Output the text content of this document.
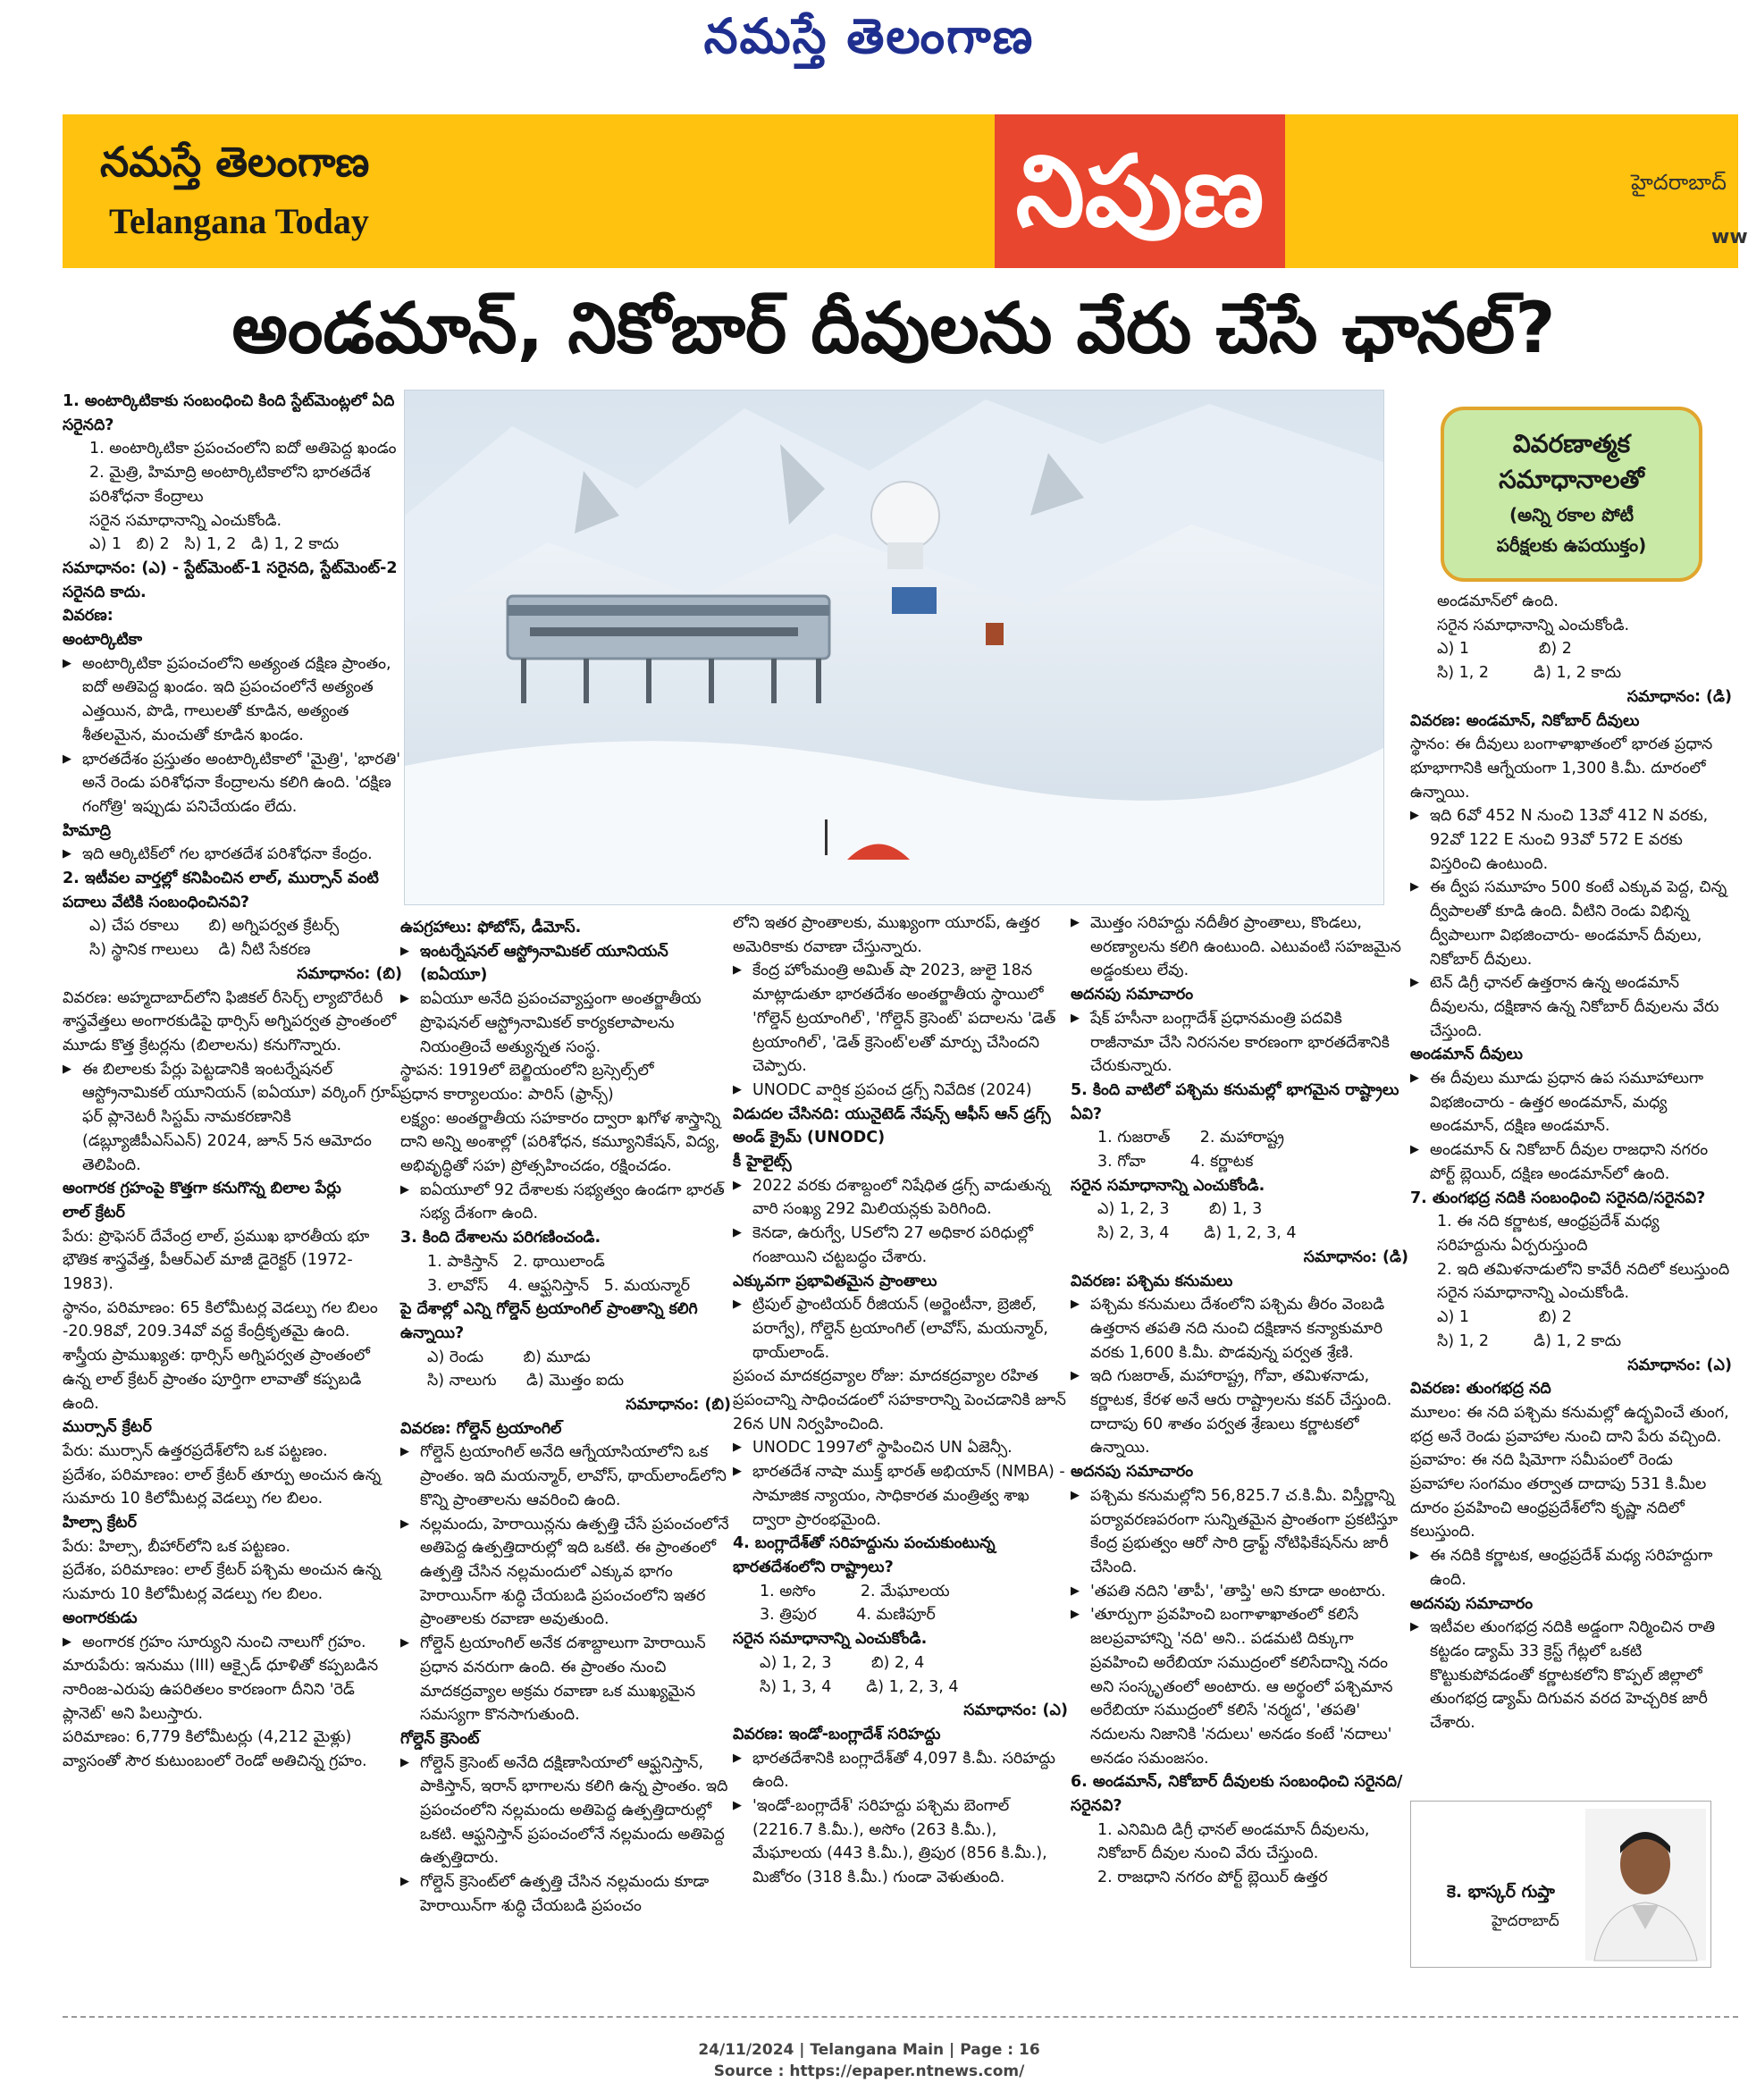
నమస్తే తెలంగాణ
నమస్తే తెలంగాణ
Telangana Today	నిపుణ	హైదరాబాద్
ww
అండమాన్, నికోబార్ దీవులను వేరు చేసే ఛానల్?

1. అంటార్కిటికాకు సంబంధించి కింది స్టేట్‌మెంట్లలో ఏది సరైనది?

1. అంటార్కిటికా ప్రపంచంలోని ఐదో అతిపెద్ద ఖండం

2. మైత్రి, హిమాద్రి అంటార్కిటికాలోని భారతదేశ పరిశోధనా కేంద్రాలు

సరైన సమాధానాన్ని ఎంచుకోండి.

ఎ) 1   బి) 2   సి) 1, 2   డి) 1, 2 కాదు

సమాధానం: (ఎ) - స్టేట్‌మెంట్-1 సరైనది, స్టేట్‌మెంట్-2 సరైనది కాదు.

వివరణ:

అంటార్కిటికా

▶ అంటార్కిటికా ప్రపంచంలోని అత్యంత దక్షిణ ప్రాంతం, ఐదో అతిపెద్ద ఖండం. ఇది ప్రపంచంలోనే అత్యంత ఎత్తయిన, పొడి, గాలులతో కూడిన, అత్యంత శీతలమైన, మంచుతో కూడిన ఖండం.

▶ భారతదేశం ప్రస్తుతం అంటార్కిటికాలో 'మైత్రి', 'భారతి' అనే రెండు పరిశోధనా కేంద్రాలను కలిగి ఉంది. 'దక్షిణ గంగోత్రి' ఇప్పుడు పనిచేయడం లేదు.

హిమాద్రి

▶ ఇది ఆర్కిటిక్‌లో గల భారతదేశ పరిశోధనా కేంద్రం.

2. ఇటీవల వార్తల్లో కనిపించిన లాల్, ముర్సాన్ వంటి పదాలు వేటికి సంబంధించినవి?

ఎ) చేప రకాలు      బి) అగ్నిపర్వత క్రేటర్స్

సి) స్థానిక గాలులు    డి) నీటి సేకరణ

సమాధానం: (బి)

వివరణ: అహ్మదాబాద్‌లోని ఫిజికల్ రీసెర్చ్ ల్యాబొరేటరీ శాస్త్రవేత్తలు అంగారకుడిపై థార్సిస్ అగ్నిపర్వత ప్రాంతంలో మూడు కొత్త క్రేటర్లను (బిలాలను) కనుగొన్నారు.

▶ ఈ బిలాలకు పేర్లు పెట్టడానికి ఇంటర్నేషనల్ ఆస్ట్రోనామికల్ యూనియన్ (ఐఏయూ) వర్కింగ్ గ్రూప్ ఫర్ ప్లానెటరీ సిస్టమ్ నామకరణానికి (డబ్ల్యూజీపీఎస్ఎన్) 2024, జూన్ 5న ఆమోదం తెలిపింది.

అంగారక గ్రహంపై కొత్తగా కనుగొన్న బిలాల పేర్లు

లాల్ క్రేటర్

పేరు: ప్రొఫెసర్ దేవేంద్ర లాల్, ప్రముఖ భారతీయ భూ భౌతిక శాస్త్రవేత్త, పీఆర్ఎల్ మాజీ డైరెక్టర్ (1972-1983).

స్థానం, పరిమాణం: 65 కిలోమీటర్ల వెడల్పు గల బిలం -20.98వో, 209.34వో వద్ద కేంద్రీకృతమై ఉంది.

శాస్త్రీయ ప్రాముఖ్యత: థార్సిస్ అగ్నిపర్వత ప్రాంతంలో ఉన్న లాల్ క్రేటర్ ప్రాంతం పూర్తిగా లావాతో కప్పబడి ఉంది.

ముర్సాన్ క్రేటర్

పేరు: ముర్సాన్ ఉత్తరప్రదేశ్‌లోని ఒక పట్టణం.

ప్రదేశం, పరిమాణం: లాల్ క్రేటర్ తూర్పు అంచున ఉన్న సుమారు 10 కిలోమీటర్ల వెడల్పు గల బిలం.

హిల్సా క్రేటర్

పేరు: హిల్సా, బీహార్‌లోని ఒక పట్టణం.

ప్రదేశం, పరిమాణం: లాల్ క్రేటర్ పశ్చిమ అంచున ఉన్న సుమారు 10 కిలోమీటర్ల వెడల్పు గల బిలం.

అంగారకుడు

▶ అంగారక గ్రహం సూర్యుని నుంచి నాలుగో గ్రహం.

మారుపేరు: ఇనుము (III) ఆక్సైడ్ ధూళితో కప్పబడిన నారింజ-ఎరుపు ఉపరితలం కారణంగా దీనిని 'రెడ్ ప్లానెట్' అని పిలుస్తారు.

పరిమాణం: 6,779 కిలోమీటర్లు (4,212 మైళ్లు) వ్యాసంతో సౌర కుటుంబంలో రెండో అతిచిన్న గ్రహం.

వివరణాత్మక
సమాధానాలతో
(అన్ని రకాల పోటీ
పరీక్షలకు ఉపయుక్తం)

ఉపగ్రహాలు: ఫోబోస్, డీమోస్.

▶ ఇంటర్నేషనల్ ఆస్ట్రోనామికల్ యూనియన్ (ఐఏయూ)

▶ ఐఏయూ అనేది ప్రపంచవ్యాప్తంగా అంతర్జాతీయ ప్రొఫెషనల్ ఆస్ట్రోనామికల్ కార్యకలాపాలను నియంత్రించే అత్యున్నత సంస్థ.

స్థాపన: 1919లో బెల్జియంలోని బ్రస్సెల్స్‌లో

ప్రధాన కార్యాలయం: పారిస్ (ఫ్రాన్స్)

లక్ష్యం: అంతర్జాతీయ సహకారం ద్వారా ఖగోళ శాస్త్రాన్ని దాని అన్ని అంశాల్లో (పరిశోధన, కమ్యూనికేషన్, విద్య, అభివృద్ధితో సహ) ప్రోత్సహించడం, రక్షించడం.

▶ ఐఏయూలో 92 దేశాలకు సభ్యత్వం ఉండగా భారత్ సభ్య దేశంగా ఉంది.

3. కింది దేశాలను పరిగణించండి.

1. పాకిస్తాన్   2. థాయిలాండ్

3. లావోస్    4. ఆఫ్ఘనిస్తాన్   5. మయన్మార్

పై దేశాల్లో ఎన్ని గోల్డెన్ ట్రయాంగిల్ ప్రాంతాన్ని కలిగి ఉన్నాయి?

ఎ) రెండు        బి) మూడు

సి) నాలుగు      డి) మొత్తం ఐదు

సమాధానం: (బి)

వివరణ: గోల్డెన్ ట్రయాంగిల్

▶ గోల్డెన్ ట్రయాంగిల్ అనేది ఆగ్నేయాసియాలోని ఒక ప్రాంతం. ఇది మయన్మార్, లావోస్, థాయ్‌లాండ్‌లోని కొన్ని ప్రాంతాలను ఆవరించి ఉంది.

▶ నల్లమందు, హెరాయిన్లను ఉత్పత్తి చేసే ప్రపంచంలోనే అతిపెద్ద ఉత్పత్తిదారుల్లో ఇది ఒకటి. ఈ ప్రాంతంలో ఉత్పత్తి చేసిన నల్లమందులో ఎక్కువ భాగం హెరాయిన్‌గా శుద్ధి చేయబడి ప్రపంచంలోని ఇతర ప్రాంతాలకు రవాణా అవుతుంది.

▶ గోల్డెన్ ట్రయాంగిల్ అనేక దశాబ్దాలుగా హెరాయిన్ ప్రధాన వనరుగా ఉంది. ఈ ప్రాంతం నుంచి మాదకద్రవ్యాల అక్రమ రవాణా ఒక ముఖ్యమైన సమస్యగా కొనసాగుతుంది.

గోల్డెన్ క్రెసెంట్

▶ గోల్డెన్ క్రెసెంట్ అనేది దక్షిణాసియాలో ఆఫ్ఘనిస్తాన్, పాకిస్తాన్, ఇరాన్ భాగాలను కలిగి ఉన్న ప్రాంతం. ఇది ప్రపంచంలోని నల్లమందు అతిపెద్ద ఉత్పత్తిదారుల్లో ఒకటి. ఆఫ్ఘనిస్తాన్ ప్రపంచంలోనే నల్లమందు అతిపెద్ద ఉత్పత్తిదారు.

▶ గోల్డెన్ క్రెసెంట్‌లో ఉత్పత్తి చేసిన నల్లమందు కూడా హెరాయిన్‌గా శుద్ధి చేయబడి ప్రపంచం

లోని ఇతర ప్రాంతాలకు, ముఖ్యంగా యూరప్, ఉత్తర అమెరికాకు రవాణా చేస్తున్నారు.

▶ కేంద్ర హోంమంత్రి అమిత్ షా 2023, జులై 18న మాట్లాడుతూ భారతదేశం అంతర్జాతీయ స్థాయిలో 'గోల్డెన్ ట్రయాంగిల్', 'గోల్డెన్ క్రెసెంట్' పదాలను 'డెత్ ట్రయాంగిల్', 'డెత్ క్రెసెంట్'లతో మార్పు చేసిందని చెప్పారు.

▶ UNODC వార్షిక ప్రపంచ డ్రగ్స్ నివేదిక (2024)

విడుదల చేసినది: యునైటెడ్ నేషన్స్ ఆఫీస్ ఆన్ డ్రగ్స్ అండ్ క్రైమ్ (UNODC)

కీ హైలైట్స్

▶ 2022 వరకు దశాబ్దంలో నిషేధిత డ్రగ్స్ వాడుతున్న వారి సంఖ్య 292 మిలియన్లకు పెరిగింది.

▶ కెనడా, ఉరుగ్వే, USలోని 27 అధికార పరిధుల్లో గంజాయిని చట్టబద్ధం చేశారు.

ఎక్కువగా ప్రభావితమైన ప్రాంతాలు

▶ ట్రిపుల్ ఫ్రాంటియర్ రీజియన్ (అర్జెంటీనా, బ్రెజిల్, పరాగ్వే), గోల్డెన్ ట్రయాంగిల్ (లావోస్, మయన్మార్, థాయ్‌లాండ్.

ప్రపంచ మాదకద్రవ్యాల రోజు: మాదకద్రవ్యాల రహిత ప్రపంచాన్ని సాధించడంలో సహకారాన్ని పెంచడానికి జూన్ 26న UN నిర్వహించింది.

▶ UNODC 1997లో స్థాపించిన UN ఏజెన్సీ.

▶ భారతదేశ నాషా ముక్త్ భారత్ అభియాన్ (NMBA) - సామాజిక న్యాయం, సాధికారత మంత్రిత్వ శాఖ ద్వారా ప్రారంభమైంది.

4. బంగ్లాదేశ్‌తో సరిహద్దును పంచుకుంటున్న భారతదేశంలోని రాష్ట్రాలు?

1. అసోం         2. మేఘాలయ

3. త్రిపుర        4. మణిపూర్

సరైన సమాధానాన్ని ఎంచుకోండి.

ఎ) 1, 2, 3        బి) 2, 4

సి) 1, 3, 4       డి) 1, 2, 3, 4

సమాధానం: (ఎ)

వివరణ: ఇండో-బంగ్లాదేశ్ సరిహద్దు

▶ భారతదేశానికి బంగ్లాదేశ్‌తో 4,097 కి.మీ. సరిహద్దు ఉంది.

▶ 'ఇండో-బంగ్లాదేశ్' సరిహద్దు పశ్చిమ బెంగాల్ (2216.7 కి.మీ.), అసోం (263 కి.మీ.), మేఘాలయ (443 కి.మీ.), త్రిపుర (856 కి.మీ.), మిజోరం (318 కి.మీ.) గుండా వెళుతుంది.

▶ మొత్తం సరిహద్దు నదీతీర ప్రాంతాలు, కొండలు, అరణ్యాలను కలిగి ఉంటుంది. ఎటువంటి సహజమైన అడ్డంకులు లేవు.

అదనపు సమాచారం

▶ షేక్ హసీనా బంగ్లాదేశ్ ప్రధానమంత్రి పదవికి రాజీనామా చేసి నిరసనల కారణంగా భారతదేశానికి చేరుకున్నారు.

5. కింది వాటిలో పశ్చిమ కనుమల్లో భాగమైన రాష్ట్రాలు ఏవి?

1. గుజరాత్      2. మహారాష్ట్ర

3. గోవా         4. కర్ణాటక

సరైన సమాధానాన్ని ఎంచుకోండి.

ఎ) 1, 2, 3        బి) 1, 3

సి) 2, 3, 4       డి) 1, 2, 3, 4

సమాధానం: (డి)

వివరణ: పశ్చిమ కనుమలు

▶ పశ్చిమ కనుమలు దేశంలోని పశ్చిమ తీరం వెంబడి ఉత్తరాన తపతి నది నుంచి దక్షిణాన కన్యాకుమారి వరకు 1,600 కి.మీ. పొడవున్న పర్వత శ్రేణి.

▶ ఇది గుజరాత్, మహారాష్ట్ర, గోవా, తమిళనాడు, కర్ణాటక, కేరళ అనే ఆరు రాష్ట్రాలను కవర్ చేస్తుంది. దాదాపు 60 శాతం పర్వత శ్రేణులు కర్ణాటకలో ఉన్నాయి.

అదనపు సమాచారం

▶ పశ్చిమ కనుమల్లోని 56,825.7 చ.కి.మీ. విస్తీర్ణాన్ని పర్యావరణపరంగా సున్నితమైన ప్రాంతంగా ప్రకటిస్తూ కేంద్ర ప్రభుత్వం ఆరో సారి డ్రాఫ్ట్ నోటిఫికేషన్‌ను జారీ చేసింది.

▶ 'తపతి నదిని 'తాపీ', 'తాప్తి' అని కూడా అంటారు.

▶ 'తూర్పుగా ప్రవహించి బంగాళాఖాతంలో కలిసే జలప్రవాహాన్ని 'నది' అని.. పడమటి దిక్కుగా ప్రవహించి అరేబియా సముద్రంలో కలిసేదాన్ని నదం అని సంస్కృతంలో అంటారు. ఆ అర్థంలో పశ్చిమాన అరేబియా సముద్రంలో కలిసే 'నర్మద', 'తపతి' నదులను నిజానికి 'నదులు' అనడం కంటే 'నదాలు' అనడం సమంజసం.

6. అండమాన్, నికోబార్ దీవులకు సంబంధించి సరైనది/సరైనవి?

1. ఎనిమిది డిగ్రీ ఛానల్ అండమాన్ దీవులను, నికోబార్ దీవుల నుంచి వేరు చేస్తుంది.

2. రాజధాని నగరం పోర్ట్ బ్లెయిర్ ఉత్తర

అండమాన్‌లో ఉంది.

సరైన సమాధానాన్ని ఎంచుకోండి.

ఎ) 1              బి) 2

సి) 1, 2         డి) 1, 2 కాదు

సమాధానం: (డి)

వివరణ: అండమాన్, నికోబార్ దీవులు

స్థానం: ఈ దీవులు బంగాళాఖాతంలో భారత ప్రధాన భూభాగానికి ఆగ్నేయంగా 1,300 కి.మీ. దూరంలో ఉన్నాయి.

▶ ఇది 6వో 452 N నుంచి 13వో 412 N వరకు, 92వో 122 E నుంచి 93వో 572 E వరకు విస్తరించి ఉంటుంది.

▶ ఈ ద్వీప సమూహం 500 కంటే ఎక్కువ పెద్ద, చిన్న ద్వీపాలతో కూడి ఉంది. వీటిని రెండు విభిన్న ద్వీపాలుగా విభజించారు- అండమాన్ దీవులు, నికోబార్ దీవులు.

▶ టెన్ డిగ్రీ ఛానల్ ఉత్తరాన ఉన్న అండమాన్ దీవులను, దక్షిణాన ఉన్న నికోబార్ దీవులను వేరు చేస్తుంది.

అండమాన్ దీవులు

▶ ఈ దీవులు మూడు ప్రధాన ఉప సమూహాలుగా విభజించారు - ఉత్తర అండమాన్, మధ్య అండమాన్, దక్షిణ అండమాన్.

▶ అండమాన్ & నికోబార్ దీవుల రాజధాని నగరం పోర్ట్ బ్లెయిర్, దక్షిణ అండమాన్‌లో ఉంది.

7. తుంగభద్ర నదికి సంబంధించి సరైనది/సరైనవి?

1. ఈ నది కర్ణాటక, ఆంధ్రప్రదేశ్ మధ్య సరిహద్దును ఏర్పరుస్తుంది

2. ఇది తమిళనాడులోని కావేరీ నదిలో కలుస్తుంది

సరైన సమాధానాన్ని ఎంచుకోండి.

ఎ) 1              బి) 2

సి) 1, 2         డి) 1, 2 కాదు

సమాధానం: (ఎ)

వివరణ: తుంగభద్ర నది

మూలం: ఈ నది పశ్చిమ కనుమల్లో ఉద్భవించే తుంగ, భద్ర అనే రెండు ప్రవాహాల నుంచి దాని పేరు వచ్చింది.

ప్రవాహం: ఈ నది షిమోగా సమీపంలో రెండు ప్రవాహాల సంగమం తర్వాత దాదాపు 531 కి.మీల దూరం ప్రవహించి ఆంధ్రప్రదేశ్‌లోని కృష్ణా నదిలో కలుస్తుంది.

▶ ఈ నదికి కర్ణాటక, ఆంధ్రప్రదేశ్ మధ్య సరిహద్దుగా ఉంది.

అదనపు సమాచారం

▶ ఇటీవల తుంగభద్ర నదికి అడ్డంగా నిర్మించిన రాతి కట్టడం డ్యామ్ 33 క్రెస్ట్ గేట్లలో ఒకటి కొట్టుకుపోవడంతో కర్ణాటకలోని కొప్పల్ జిల్లాలో తుంగభద్ర డ్యామ్ దిగువన వరద హెచ్చరిక జారీ చేశారు.

కె. భాస్కర్ గుప్తా
హైదరాబాద్
24/11/2024 | Telangana Main | Page : 16
Source : https://epaper.ntnews.com/
